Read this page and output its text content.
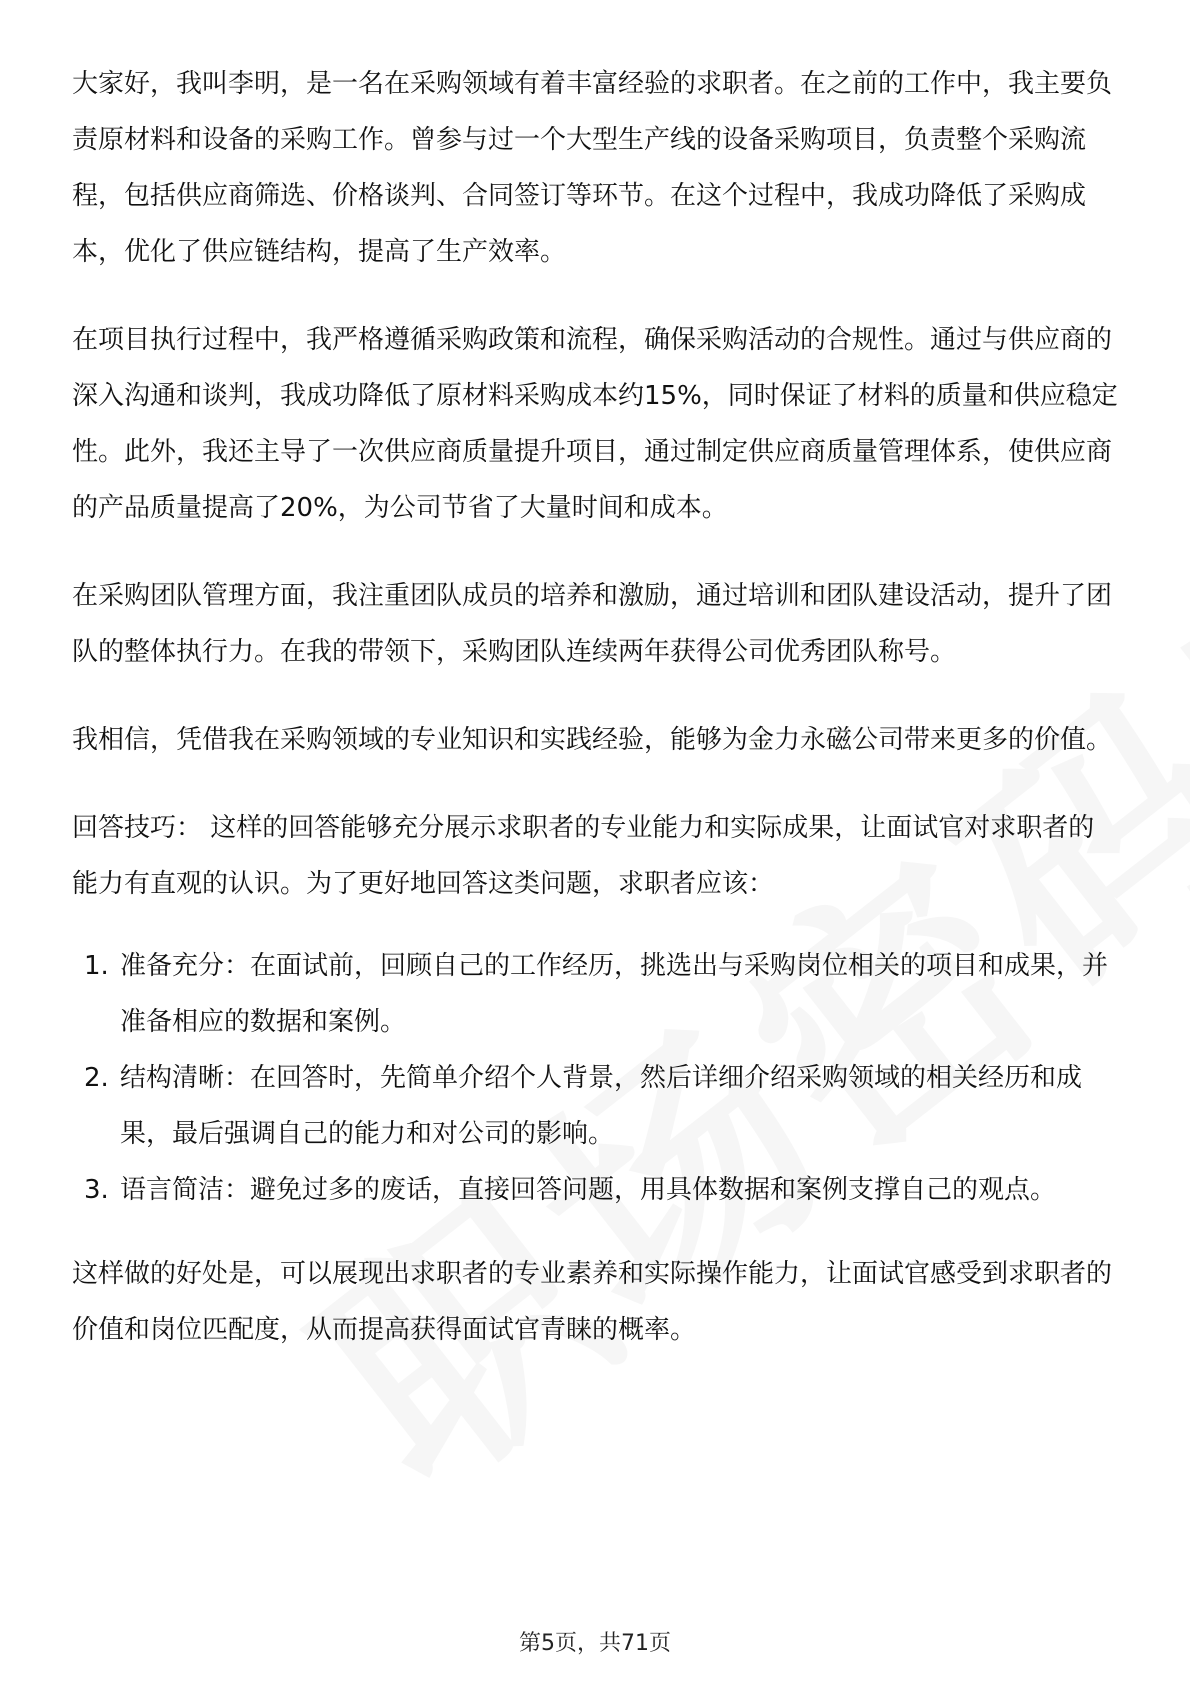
大家好，我叫李明，是一名在采购领域有着丰富经验的求职者。在之前的工作中，我主要负责原材料和设备的采购工作。曾参与过一个大型生产线的设备采购项目，负责整个采购流程，包括供应商筛选、价格谈判、合同签订等环节。在这个过程中，我成功降低了采购成本，优化了供应链结构，提高了生产效率。

在项目执行过程中，我严格遵循采购政策和流程，确保采购活动的合规性。通过与供应商的深入沟通和谈判，我成功降低了原材料采购成本约15%，同时保证了材料的质量和供应稳定性。此外，我还主导了一次供应商质量提升项目，通过制定供应商质量管理体系，使供应商的产品质量提高了20%，为公司节省了大量时间和成本。

在采购团队管理方面，我注重团队成员的培养和激励，通过培训和团队建设活动，提升了团队的整体执行力。在我的带领下，采购团队连续两年获得公司优秀团队称号。

我相信，凭借我在采购领域的专业知识和实践经验，能够为金力永磁公司带来更多的价值。

回答技巧： 这样的回答能够充分展示求职者的专业能力和实际成果，让面试官对求职者的能力有直观的认识。为了更好地回答这类问题，求职者应该：

1. 准备充分：在面试前，回顾自己的工作经历，挑选出与采购岗位相关的项目和成果，并准备相应的数据和案例。
2. 结构清晰：在回答时，先简单介绍个人背景，然后详细介绍采购领域的相关经历和成果，最后强调自己的能力和对公司的影响。
3. 语言简洁：避免过多的废话，直接回答问题，用具体数据和案例支撑自己的观点。

这样做的好处是，可以展现出求职者的专业素养和实际操作能力，让面试官感受到求职者的价值和岗位匹配度，从而提高获得面试官青睐的概率。

第5页，共71页
